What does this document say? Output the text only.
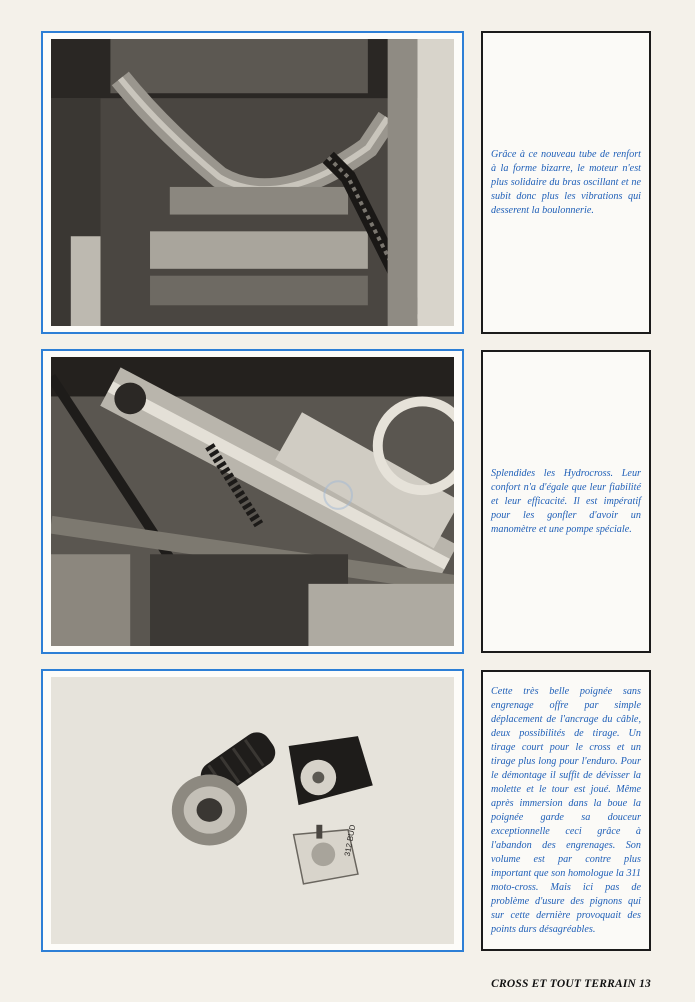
Grâce à ce nouveau tube de renfort à la forme bizarre, le moteur n'est plus solidaire du bras oscillant et ne subit donc plus les vibrations qui desserent la boulonnerie.

Splendides les Hydrocross. Leur confort n'a d'égale que leur fiabilité et leur efficacité. Il est impératif pour les gonfler d'avoir un manomètre et une pompe spéciale.

312 BUD

Cette très belle poignée sans engrenage offre par simple déplacement de l'ancrage du câble, deux possibilités de tirage. Un tirage court pour le cross et un tirage plus long pour l'enduro. Pour le démontage il suffit de dévisser la molette et le tour est joué. Même après immersion dans la boue la poignée garde sa douceur exceptionnelle ceci grâce à l'abandon des engrenages. Son volume est par contre plus important que son homologue la 311 moto-cross. Mais ici pas de problème d'usure des pignons qui sur cette dernière provoquait des points durs désagréables.

CROSS ET TOUT TERRAIN 13
